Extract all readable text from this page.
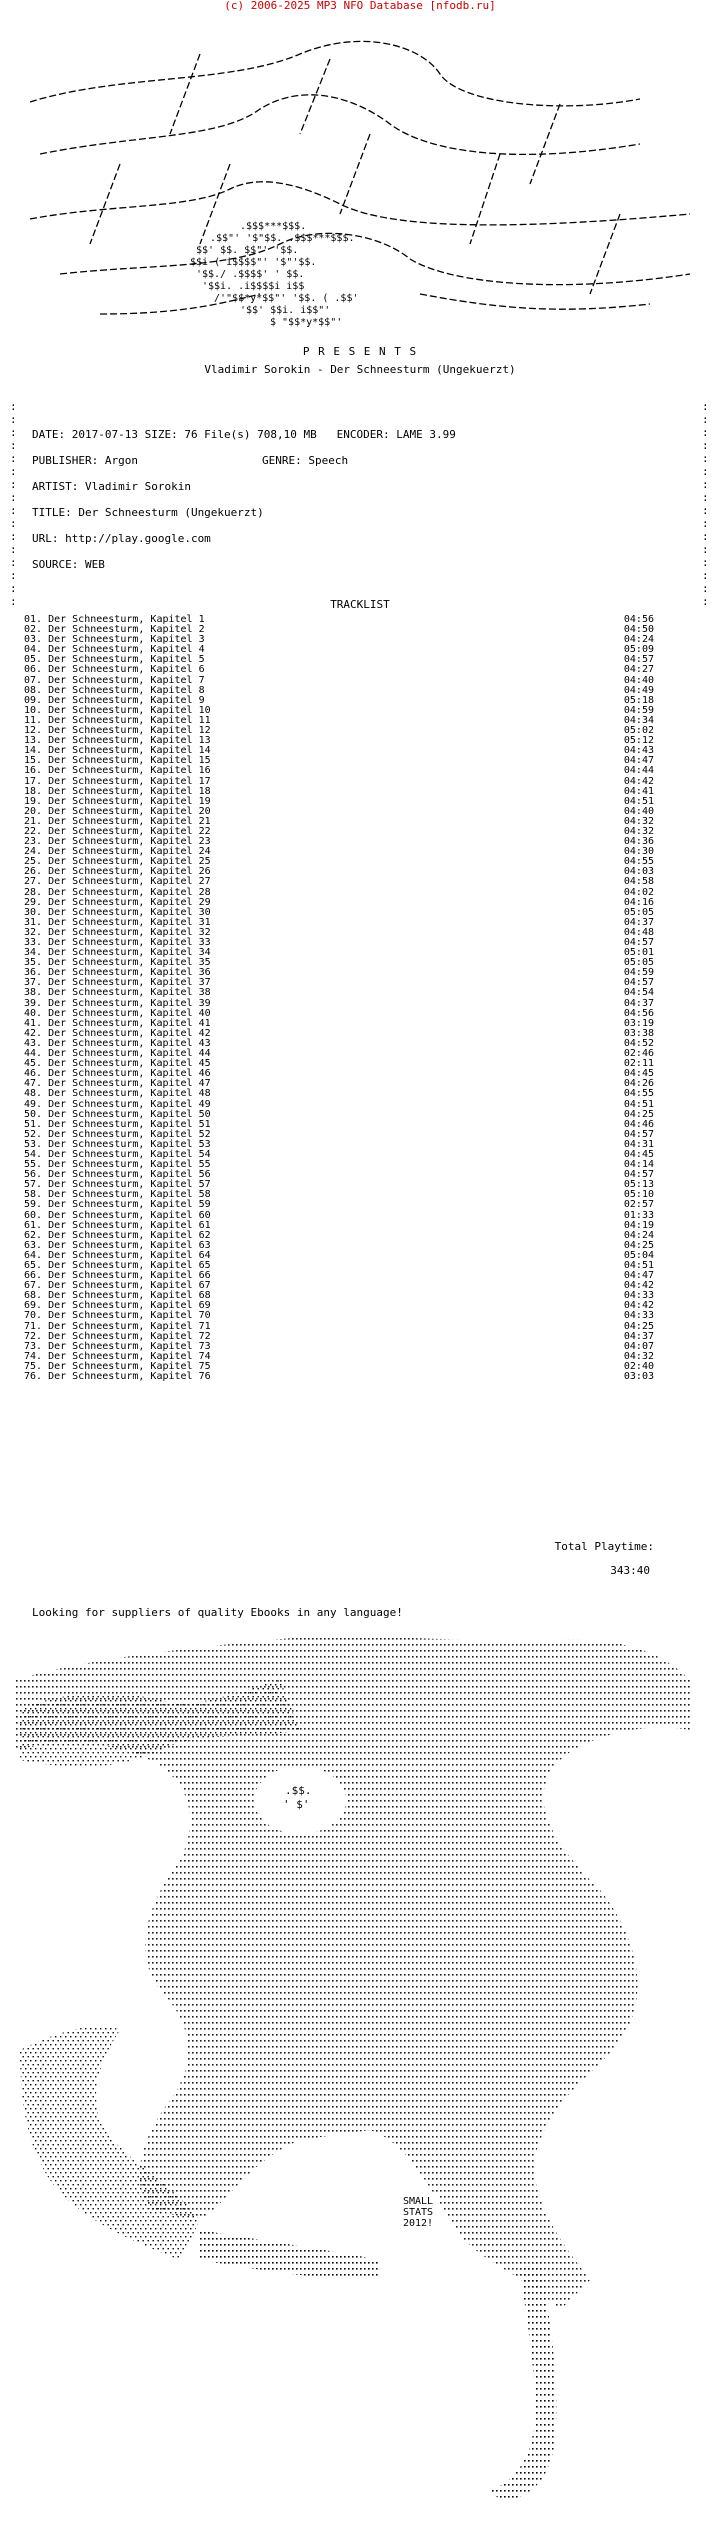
(c) 2006-2025 MP3 NFO Database [nfodb.ru]
.$$$***$$$.
.$$"' '$"$$. .$$$***$$$.
$$' $$. $$"' '$$.
$$i ( i$$$$"' '$"'$$.
'$$./ .$$$$' ' $$.
'$$i. .i$$$$i i$$
/'"$$*y*$$"' '$$. ( .$$'
'$$' $$i. i$$"'
$ "$$*y*$$"'
P R E S E N T S
Vladimir Sorokin - Der Schneesturm (Ungekuerzt)
:
:
:
:
:
:
:
:
:
:
:
:
:
:
:
:
:
:
:
:
:
:
:
:
:
:
:
:
:
:
:
:
DATE: 2017-07-13 SIZE: 76 File(s) 708,10 MB   ENCODER: LAME 3.99
PUBLISHER: Argon	GENRE: Speech
ARTIST: Vladimir Sorokin
TITLE: Der Schneesturm (Ungekuerzt)
URL: http://play.google.com
SOURCE: WEB
TRACKLIST
01. Der Schneesturm, Kapitel 1	04:56
02. Der Schneesturm, Kapitel 2	04:50
03. Der Schneesturm, Kapitel 3	04:24
04. Der Schneesturm, Kapitel 4	05:09
05. Der Schneesturm, Kapitel 5	04:57
06. Der Schneesturm, Kapitel 6	04:27
07. Der Schneesturm, Kapitel 7	04:40
08. Der Schneesturm, Kapitel 8	04:49
09. Der Schneesturm, Kapitel 9	05:18
10. Der Schneesturm, Kapitel 10	04:59
11. Der Schneesturm, Kapitel 11	04:34
12. Der Schneesturm, Kapitel 12	05:02
13. Der Schneesturm, Kapitel 13	05:12
14. Der Schneesturm, Kapitel 14	04:43
15. Der Schneesturm, Kapitel 15	04:47
16. Der Schneesturm, Kapitel 16	04:44
17. Der Schneesturm, Kapitel 17	04:42
18. Der Schneesturm, Kapitel 18	04:41
19. Der Schneesturm, Kapitel 19	04:51
20. Der Schneesturm, Kapitel 20	04:40
21. Der Schneesturm, Kapitel 21	04:32
22. Der Schneesturm, Kapitel 22	04:32
23. Der Schneesturm, Kapitel 23	04:36
24. Der Schneesturm, Kapitel 24	04:30
25. Der Schneesturm, Kapitel 25	04:55
26. Der Schneesturm, Kapitel 26	04:03
27. Der Schneesturm, Kapitel 27	04:58
28. Der Schneesturm, Kapitel 28	04:02
29. Der Schneesturm, Kapitel 29	04:16
30. Der Schneesturm, Kapitel 30	05:05
31. Der Schneesturm, Kapitel 31	04:37
32. Der Schneesturm, Kapitel 32	04:48
33. Der Schneesturm, Kapitel 33	04:57
34. Der Schneesturm, Kapitel 34	05:01
35. Der Schneesturm, Kapitel 35	05:05
36. Der Schneesturm, Kapitel 36	04:59
37. Der Schneesturm, Kapitel 37	04:57
38. Der Schneesturm, Kapitel 38	04:54
39. Der Schneesturm, Kapitel 39	04:37
40. Der Schneesturm, Kapitel 40	04:56
41. Der Schneesturm, Kapitel 41	03:19
42. Der Schneesturm, Kapitel 42	03:38
43. Der Schneesturm, Kapitel 43	04:52
44. Der Schneesturm, Kapitel 44	02:46
45. Der Schneesturm, Kapitel 45	02:11
46. Der Schneesturm, Kapitel 46	04:45
47. Der Schneesturm, Kapitel 47	04:26
48. Der Schneesturm, Kapitel 48	04:55
49. Der Schneesturm, Kapitel 49	04:51
50. Der Schneesturm, Kapitel 50	04:25
51. Der Schneesturm, Kapitel 51	04:46
52. Der Schneesturm, Kapitel 52	04:57
53. Der Schneesturm, Kapitel 53	04:31
54. Der Schneesturm, Kapitel 54	04:45
55. Der Schneesturm, Kapitel 55	04:14
56. Der Schneesturm, Kapitel 56	04:57
57. Der Schneesturm, Kapitel 57	05:13
58. Der Schneesturm, Kapitel 58	05:10
59. Der Schneesturm, Kapitel 59	02:57
60. Der Schneesturm, Kapitel 60	01:33
61. Der Schneesturm, Kapitel 61	04:19
62. Der Schneesturm, Kapitel 62	04:24
63. Der Schneesturm, Kapitel 63	04:25
64. Der Schneesturm, Kapitel 64	05:04
65. Der Schneesturm, Kapitel 65	04:51
66. Der Schneesturm, Kapitel 66	04:47
67. Der Schneesturm, Kapitel 67	04:42
68. Der Schneesturm, Kapitel 68	04:33
69. Der Schneesturm, Kapitel 69	04:42
70. Der Schneesturm, Kapitel 70	04:33
71. Der Schneesturm, Kapitel 71	04:25
72. Der Schneesturm, Kapitel 72	04:37
73. Der Schneesturm, Kapitel 73	04:07
74. Der Schneesturm, Kapitel 74	04:32
75. Der Schneesturm, Kapitel 75	02:40
76. Der Schneesturm, Kapitel 76	03:03
Total Playtime:
343:40
Looking for suppliers of quality Ebooks in any language!
.$$.
' $'
SMALL
STATS
2012!
